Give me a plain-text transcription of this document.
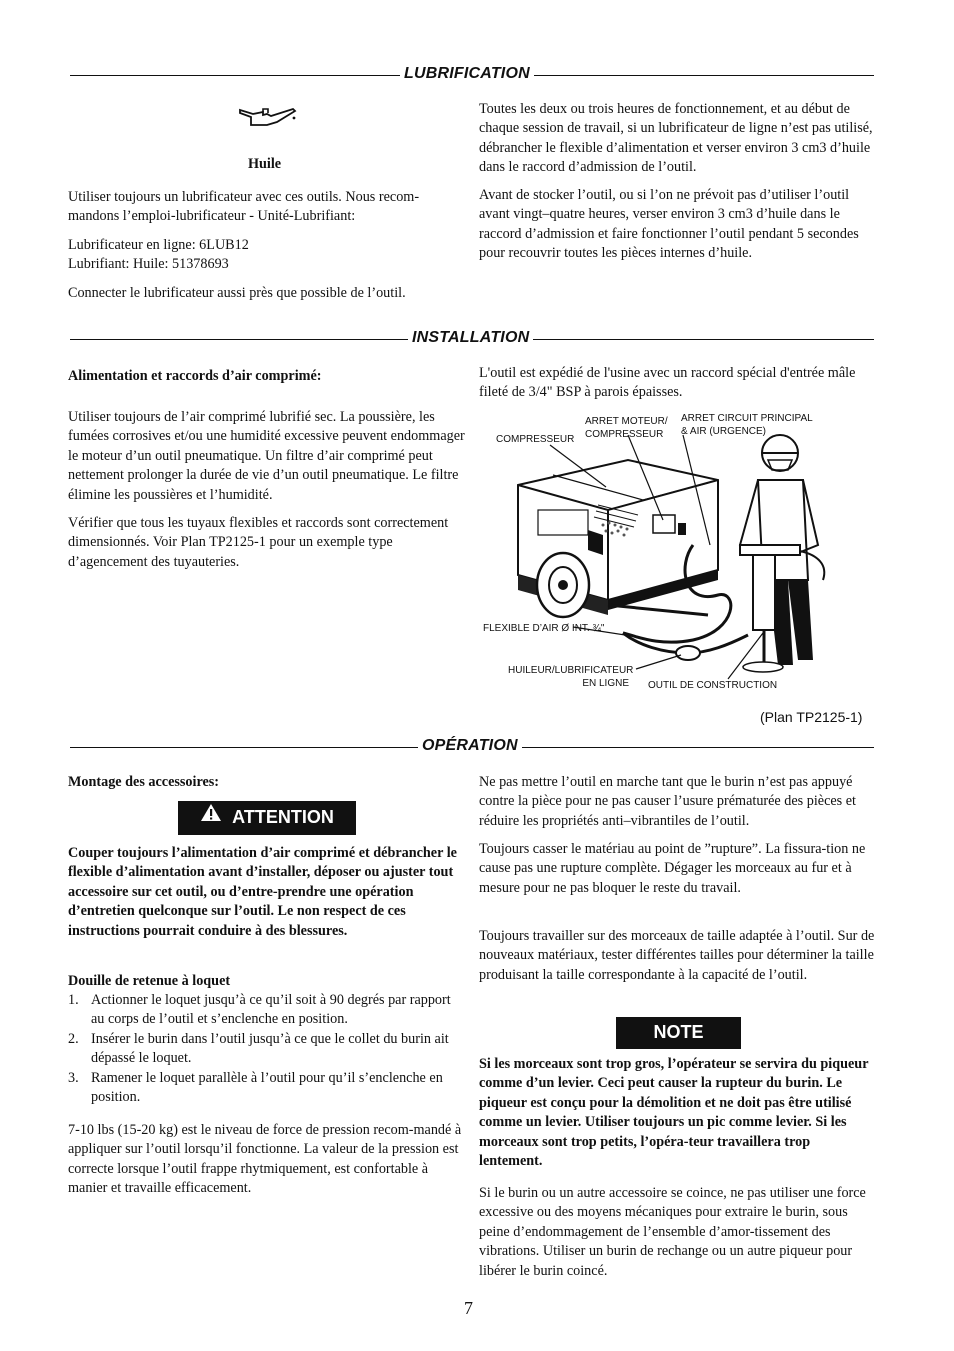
LUBRIFICATION

Huile

Utiliser toujours un lubrificateur avec ces outils. Nous recom-mandons l’emploi-lubrificateur - Unité-Lubrifiant:

Lubrificateur en ligne: 6LUB12

Lubrifiant: Huile: 51378693

Connecter le lubrificateur aussi près que possible de l’outil.

Toutes les deux ou trois heures de fonctionnement, et au début de chaque session de travail, si un lubrificateur de ligne n’est pas utilisé, débrancher le flexible d’alimentation et verser environ 3 cm3 d’huile dans le raccord d’admission de l’outil.

Avant de stocker l’outil, ou si l’on ne prévoit pas d’utiliser l’outil avant vingt–quatre heures, verser environ 3 cm3 d’huile dans le raccord d’admission et faire fonctionner l’outil pendant 5 secondes pour recouvrir toutes les pièces internes d’huile.

INSTALLATION

Alimentation et raccords d’air comprimé:

Utiliser toujours de l’air comprimé lubrifié sec. La poussière, les fumées corrosives et/ou une humidité excessive peuvent endommager le moteur d’un outil pneumatique. Un filtre d’air comprimé peut nettement prolonger la durée de vie d’un outil pneumatique. Le filtre élimine les poussières et l’humidité.

Vérifier que tous les tuyaux flexibles et raccords sont correctement dimensionnés. Voir Plan TP2125-1 pour un exemple type d’agencement des tuyauteries.

L'outil est expédié de l'usine avec un raccord spécial d'entrée mâle fileté de 3/4" BSP à parois épaisses.

COMPRESSEUR
ARRET MOTEUR/
COMPRESSEUR
ARRET CIRCUIT PRINCIPAL
& AIR (URGENCE)
FLEXIBLE D’AIR Ø INT. ¾"
HUILEUR/LUBRIFICATEUR
EN LIGNE OUTIL DE CONSTRUCTION
(Plan TP2125-1)
OPÉRATION

Montage des accessoires:

ATTENTION

Couper toujours l’alimentation d’air comprimé et débrancher le flexible d’alimentation avant d’installer, déposer ou ajuster tout accessoire sur cet outil, ou d’entre-prendre une opération d’entretien quelconque sur l’outil. Le non respect de ces instructions pourrait conduire à des blessures.

Douille de retenue à loquet

1. Actionner le loquet jusqu’à ce qu’il soit à 90 degrés par rapport au corps de l’outil et s’enclenche en position.
2. Insérer le burin dans l’outil jusqu’à ce que le collet du burin ait dépassé le loquet.
3. Ramener le loquet parallèle à l’outil pour qu’il s’enclenche en position.

7-10 lbs (15-20 kg) est le niveau de force de pression recom-mandé à appliquer sur l’outil lorsqu’il fonctionne. La valeur de la pression est correcte lorsque l’outil frappe rhytmiquement, est confortable à manier et travaille efficacement.

Ne pas mettre l’outil en marche tant que le burin n’est pas appuyé contre la pièce pour ne pas causer l’usure prématurée des pièces et réduire les propriétés anti–vibrantiles de l’outil.

Toujours casser le matériau au point de ”rupture”. La fissura-tion ne cause pas une rupture complète. Dégager les morceaux au fur et à mesure pour ne pas bloquer le reste du travail.

Toujours travailler sur des morceaux de taille adaptée à l’outil. Sur de nouveaux matériaux, tester différentes tailles pour déterminer la taille produisant la taille correspondante à la capacité de l’outil.

NOTE

Si les morceaux sont trop gros, l’opérateur se servira du piqueur comme d’un levier. Ceci peut causer la rupteur du burin. Le piqueur est conçu pour la démolition et ne doit pas être utilisé comme un levier. Utiliser toujours un pic comme levier. Si les morceaux sont trop petits, l’opéra-teur travaillera trop lentement.

Si le burin ou un autre accessoire se coince, ne pas utiliser une force excessive ou des moyens mécaniques pour extraire le burin, sous peine d’endommagement de l’ensemble d’amor-tissement des vibrations. Utiliser un burin de rechange ou un autre piqueur pour libérer le burin coincé.

7
